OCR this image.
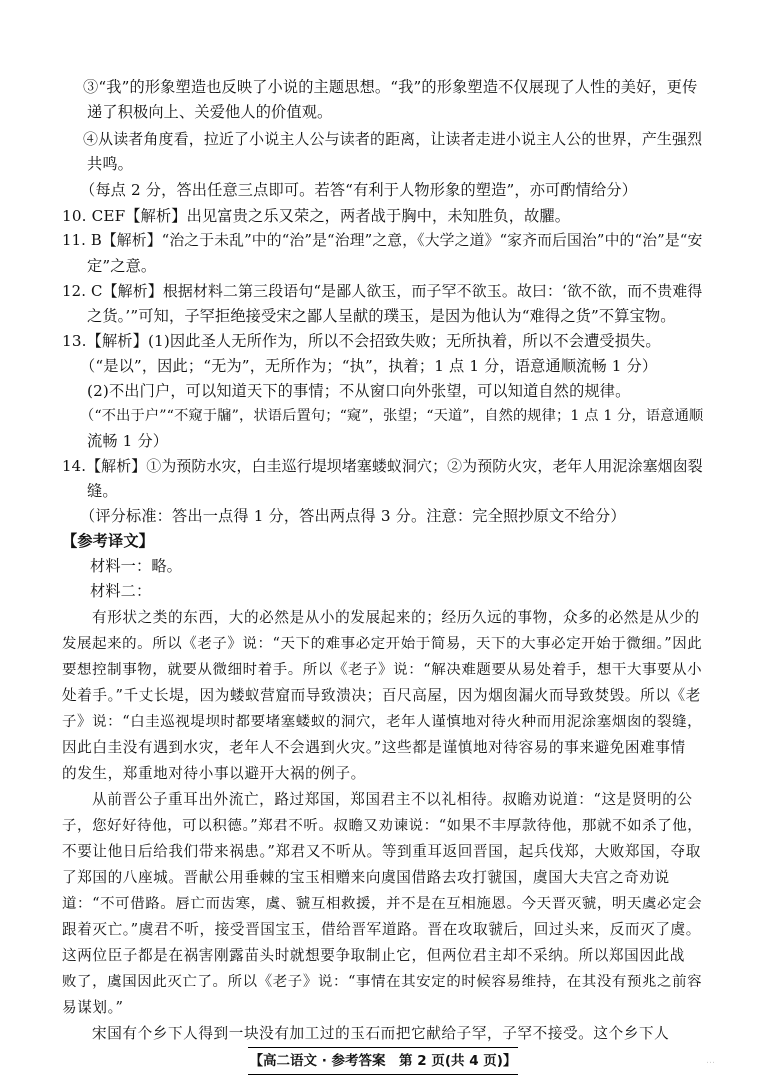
③“我”的形象塑造也反映了小说的主题思想。“我”的形象塑造不仅展现了人性的美好，更传
递了积极向上、关爱他人的价值观。
④从读者角度看，拉近了小说主人公与读者的距离，让读者走进小说主人公的世界，产生强烈
共鸣。
（每点 2 分，答出任意三点即可。若答“有利于人物形象的塑造”，亦可酌情给分）
10. CEF【解析】出见富贵之乐又荣之，两者战于胸中，未知胜负，故臞。
11. B【解析】“治之于未乱”中的“治”是“治理”之意，《大学之道》“家齐而后国治”中的“治”是“安
定”之意。
12. C【解析】根据材料二第三段语句“是鄙人欲玉，而子罕不欲玉。故曰：‘欲不欲，而不贵难得
之货。’”可知，子罕拒绝接受宋之鄙人呈献的璞玉，是因为他认为“难得之货”不算宝物。
13.【解析】(1)因此圣人无所作为，所以不会招致失败；无所执着，所以不会遭受损失。
（“是以”，因此；“无为”，无所作为；“执”，执着；1 点 1 分，语意通顺流畅 1 分）
(2)不出门户，可以知道天下的事情；不从窗口向外张望，可以知道自然的规律。
（“不出于户”“不窥于牖”，状语后置句；“窥”，张望；“天道”，自然的规律；1 点 1 分，语意通顺
流畅 1 分）
14.【解析】①为预防水灾，白圭巡行堤坝堵塞蝼蚁洞穴；②为预防火灾，老年人用泥涂塞烟囱裂
缝。
（评分标准：答出一点得 1 分，答出两点得 3 分。注意：完全照抄原文不给分）
【参考译文】
材料一：略。
材料二：
有形状之类的东西，大的必然是从小的发展起来的；经历久远的事物，众多的必然是从少的
发展起来的。所以《老子》说：“天下的难事必定开始于简易，天下的大事必定开始于微细。”因此
要想控制事物，就要从微细时着手。所以《老子》说：“解决难题要从易处着手，想干大事要从小
处着手。”千丈长堤，因为蝼蚁营窟而导致溃决；百尺高屋，因为烟囱漏火而导致焚毁。所以《老
子》说：“白圭巡视堤坝时都要堵塞蝼蚁的洞穴，老年人谨慎地对待火种而用泥涂塞烟囱的裂缝，
因此白圭没有遇到水灾，老年人不会遇到火灾。”这些都是谨慎地对待容易的事来避免困难事情
的发生，郑重地对待小事以避开大祸的例子。
从前晋公子重耳出外流亡，路过郑国，郑国君主不以礼相待。叔瞻劝说道：“这是贤明的公
子，您好好待他，可以积德。”郑君不听。叔瞻又劝谏说：“如果不丰厚款待他，那就不如杀了他，
不要让他日后给我们带来祸患。”郑君又不听从。等到重耳返回晋国，起兵伐郑，大败郑国，夺取
了郑国的八座城。晋献公用垂棘的宝玉相赠来向虞国借路去攻打虢国，虞国大夫宫之奇劝说
道：“不可借路。唇亡而齿寒，虞、虢互相救援，并不是在互相施恩。今天晋灭虢，明天虞必定会
跟着灭亡。”虞君不听，接受晋国宝玉，借给晋军道路。晋在攻取虢后，回过头来，反而灭了虞。
这两位臣子都是在祸害刚露苗头时就想要争取制止它，但两位君主却不采纳。所以郑国因此战
败了，虞国因此灭亡了。所以《老子》说：“事情在其安定的时候容易维持，在其没有预兆之前容
易谋划。”
宋国有个乡下人得到一块没有加工过的玉石而把它献给子罕，子罕不接受。这个乡下人
【高二语文 · 参考答案　第 2 页(共 4 页)】	…
